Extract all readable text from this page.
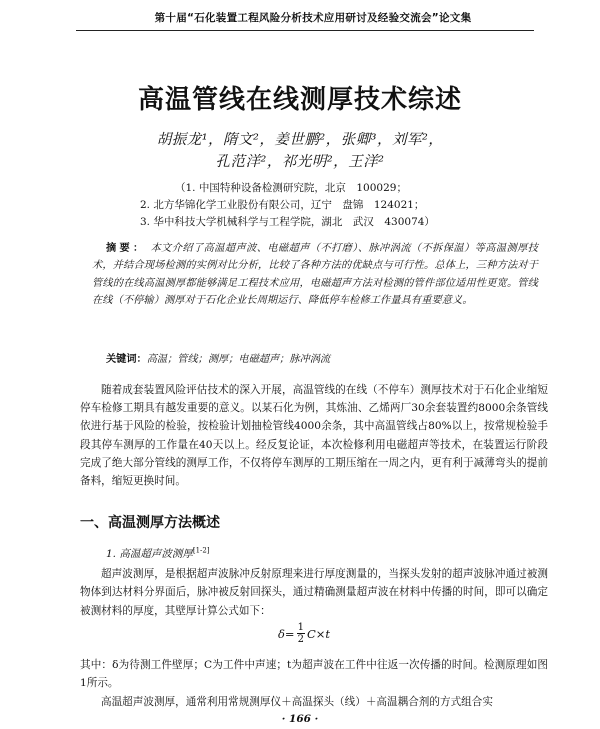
第十届“石化装置工程风险分析技术应用研讨及经验交流会”论文集
高温管线在线测厚技术综述
胡振龙¹，隋文²，姜世鹏²，张卿³，刘军²，
孔范洋²，祁光明²，王洋²
（1. 中国特种设备检测研究院，北京　100029；
2. 北方华锦化学工业股份有限公司，辽宁　盘锦　124021；
3. 华中科技大学机械科学与工程学院，湖北　武汉　430074）
摘要： 本文介绍了高温超声波、电磁超声（不打磨）、脉冲涡流（不拆保温）等高温测厚技术，并结合现场检测的实例对比分析，比较了各种方法的优缺点与可行性。总体上，三种方法对于管线的在线高温测厚都能够满足工程技术应用，电磁超声方法对检测的管件部位适用性更宽。管线在线（不停输）测厚对于石化企业长周期运行、降低停车检修工作量具有重要意义。
关键词：高温；管线；测厚；电磁超声；脉冲涡流
随着成套装置风险评估技术的深入开展，高温管线的在线（不停车）测厚技术对于石化企业缩短停车检修工期具有越发重要的意义。以某石化为例，其炼油、乙烯两厂30余套装置约8000余条管线依进行基于风险的检验，按检验计划抽检管线4000余条，其中高温管线占80%以上，按常规检验手段其停车测厚的工作量在40天以上。经反复论证，本次检修利用电磁超声等技术，在装置运行阶段完成了绝大部分管线的测厚工作，不仅将停车测厚的工期压缩在一周之内，更有利于减薄弯头的提前备料，缩短更换时间。
一、高温测厚方法概述
1. 高温超声波测厚[1-2]
超声波测厚，是根据超声波脉冲反射原理来进行厚度测量的，当探头发射的超声波脉冲通过被测物体到达材料分界面后，脉冲被反射回探头，通过精确测量超声波在材料中传播的时间，即可以确定被测材料的厚度，其壁厚计算公式如下：
$\delta= \frac{1}{2} C\times t$
其中：δ为待测工件壁厚；C为工件中声速；t为超声波在工件中往返一次传播的时间。检测原理如图1所示。
高温超声波测厚，通常利用常规测厚仪＋高温探头（线）＋高温耦合剂的方式组合实
· 166 ·
